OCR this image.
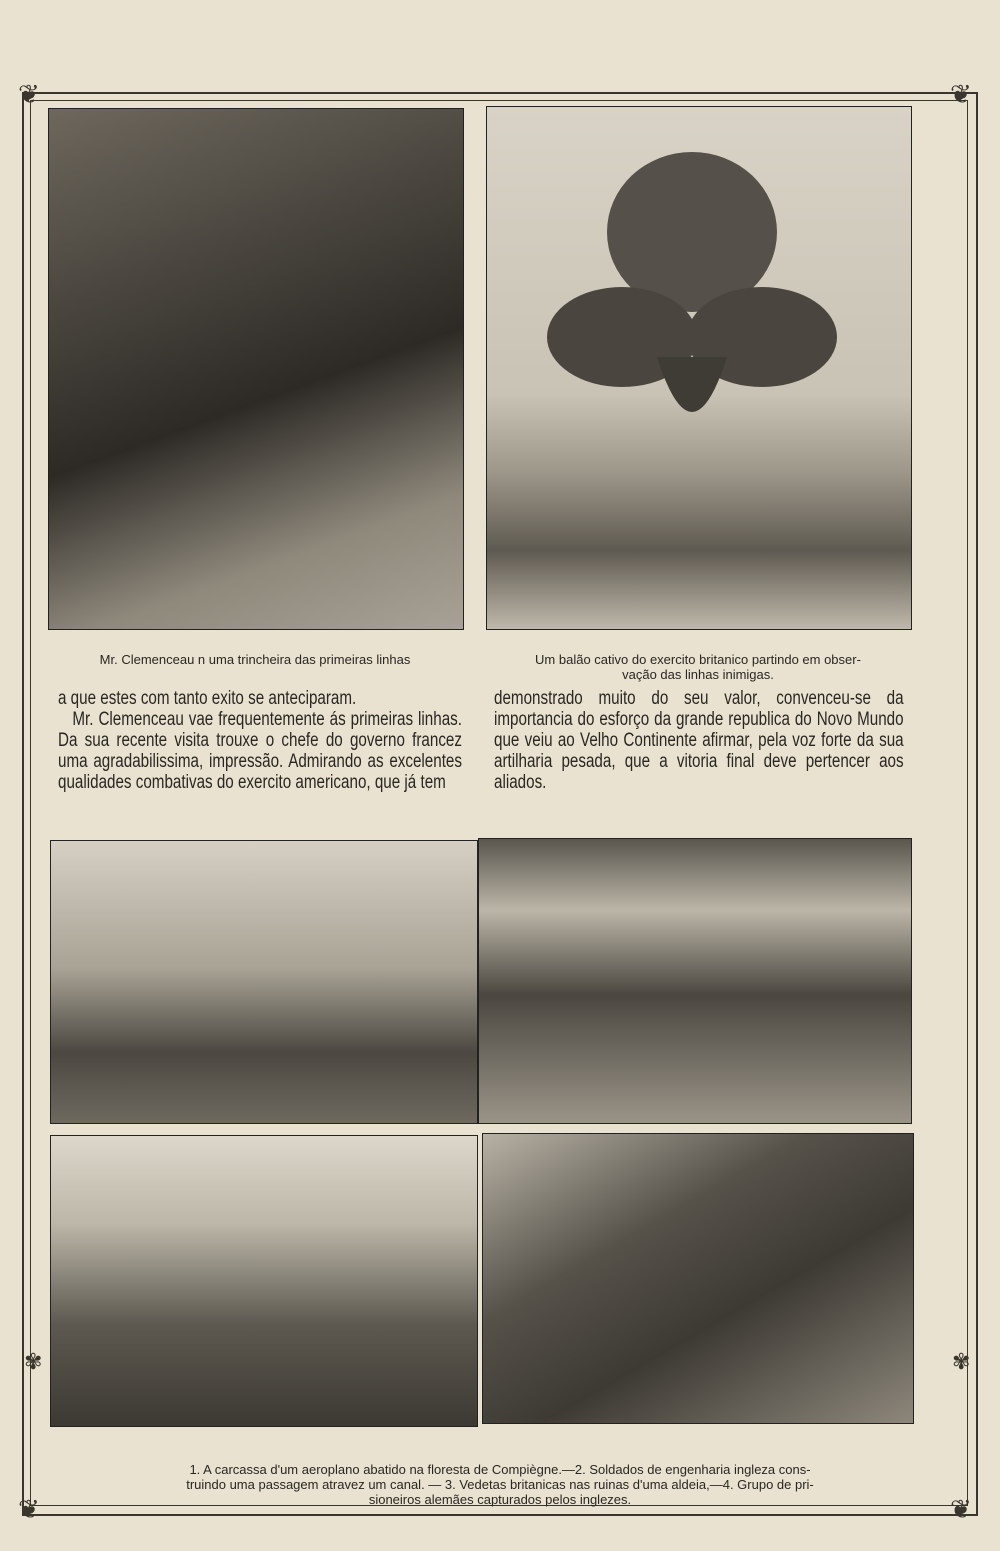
❦	❦
❦	❦
✾	✾
Mr. Clemenceau n uma trincheira das primeiras linhas	Um balão cativo do exercito britanico partindo em obser-
vação das linhas inimigas.

a que estes com tanto exito se anteciparam.

Mr. Clemenceau vae frequentemente ás primeiras linhas. Da sua recente visita trouxe o chefe do governo francez uma agradabilissima, impressão. Admirando as excelentes qualidades combativas do exercito americano, que já tem

demonstrado muito do seu valor, convenceu-se da importancia do esforço da grande republica do Novo Mundo que veiu ao Velho Continente afirmar, pela voz forte da sua artilharia pesada, que a vitoria final deve pertencer aos aliados.

1. A carcassa d'um aeroplano abatido na floresta de Compiègne.—2. Soldados de engenharia ingleza cons-
truindo uma passagem atravez um canal. — 3. Vedetas britanicas nas ruinas d'uma aldeia,—4. Grupo de pri-
sioneiros alemães capturados pelos inglezes.
